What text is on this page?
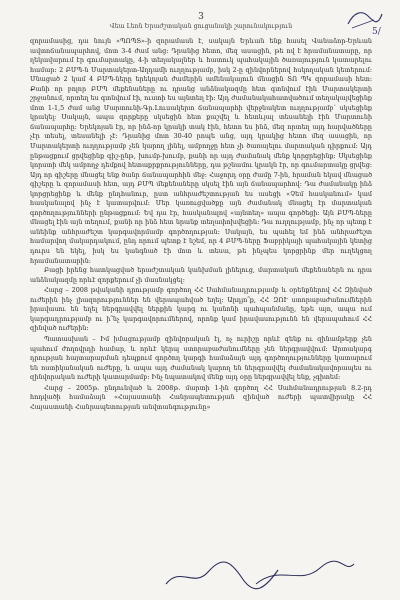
3
Վեա Լեռն Երաժշտական ցուցանակի շարունակություն
5/

զորամասից, դա նույն «ՊՈՊՏ»-ի զորամասն է, սակայն Երևան ենք հասել Վանաձոր-Երևան ավտոճանապարհով, մոտ 3-4 ժամ անց։ Դրանից հետո, մեզ ասացին, թե ով է հրամանատարը, որ ղեկավարում էր գումարտակը, 4-ի տեղակալներ և հատուկ պահակային ծառայություն կատարելու համար։ 2 ԲՄՊ-ն Մարտակերտ-Աղդամի ուղղությամբ, իսկ 2-ը զինվորներով հսկողական կետերում։ Մնացած 2 կամ 4 ԲՄՊ-ները երեկոյան ժամերին ամենակայուն մնացին ՏՈ ՊԿ զորամասի հետ։ Քանի որ բոլոր ԲՄՊ մեքենաները ու դրանց անձնակազմը հետ գտնվում էին Մարտակերտի շրջանում, որտեղ ես գտնվում էի, ուստի ես այնտեղ էի։ Այդ ժամանակահատվածում տեղակայվեցինք մոտ 1-1,5 ժամ անց Մարտունի-Գր.Լուսակերտ ճանապարհի վերջնակետ ուղղությամբ՝ սկսեցինք կրակել։ Սակայն, ապա զորքերը սկսեցին հետ քաշվել և հետևյալ տեսանելի էին Մարտունի ճանապարհը։ Երեկոյան էր, որ ինձ-որ կրակի տակ էին, հետո ես ինձ, մեզ որտեղ այդ հարվածները չէր տեսել, տեսանելի չէ։ Դրանից մոտ 30-40 րոպե անց, այդ կրակից հետո մեզ ասացին, որ Մարտակերտի ուղղությամբ չեն կարող լինել, ամբողջը հետ չի ծառայելու մարտական դիրքում։ Այդ ընթացքում ցրվեցինք գիշ-ընթ, խումբ-խումբ, քանի որ այդ ժամանակ մենք կորցրեցինք։ Սկսեցինք կորստի մեկ ամբողջ դեմքով հետաքրքրությունները, դա թշնամու կրակն էր, որ գումարտակը ցրվեց։ Այդ որ գիշերը մնացել ենք ծանր ճանապարհին մեջ։ Հաջորդ օրը ժամը 7-ին, հրաման եկավ մնացած գիշերը և զորամասի հետ, այդ ԲՄՊ մեքենաները սկսել էին այն ճանապարհով։ Դա ժամանակը ինձ կորցրեցինք և մենք ընդհանուր, ըստ անհրաժեշտության ես ասեցի «Չեմ հասկանում» կամ հասկանալով ինչ է կատարվում։ Մեր կառուցվածքը այն ժամանակ մնացել էր մարտական գործողությունների ընթացքում։ Եվ դա էր, հասկանալով «այնտեղ» ապա գործեցի։ Այն ԲՄՊ-ները մնացել էին այն տեղում, քանի որ ինձ հետ նրանք տեղափոխվեցին։ Դա ուղղությամբ, ինչ որ պետք է անեինք անհրաժեշտ կարգավորմամբ գործողության։ Սակայն, ես պահել եմ ինձ անհրաժեշտ համարվող մակարդակում, ընդ որում պետք է նշեմ, որ 4 ԲՄՊ-ները Ֆաբրիկայի պահակային կետից դուրս են եկել, իսկ ես կանգնած էի մոտ և տեսա, թե ինչպես կորցրինք մեր ուղեկցող հրամանատարին։

Բացի իրենց հատկացված երաժշտական կանխման լինելուց, մարտական մեքենաներն ու դրա անձնակազմը որևէ զորքերում չի մասնակցել։

Հարց – 2008 թվականի դրությամբ գործող ՀՀ Սահմանադրությամբ և օրենքներով ՀՀ Զինված ուժերին ինչ լիազորություններ են վերապահված եղել։ Արդյո՞ք, ՀՀ ԶՈՒ ստորաբաժանումներին իրավասու են եղել ներգրավվել ներքին կարգ ու կանոնի պահպանմանը, եթե այո, ապա ում կարգադրությամբ ու ի՞նչ կարգավորումներով, որոնք կամ իրավասությունն են վերապահում ՀՀ զինված ուժերին։

Պատասխան – Իմ իմացությամբ զինվորական էլ, ոչ ուրիշը որևէ զենք ու զինամթերք չեն պահում ժողովրդի համար, և որևէ կերպ ստորաբաժանումները չեն ներգրավվում։ Արտակարգ դրության հայտարարման դեպքում գործող կարգի համաձայն այդ գործողությունները կատարում են ոստիկանական ուժերը, և ապա այդ ժամանակ կարող են ներգրավվել ժամանակավորապես ու զինվորական ուժերի կատարմամբ։ Ինչ նպատակով մենք այդ օրը ներգրավվել ենք, չգիտեմ։

Հարց – 2005թ. ընդունված և 2008թ. մարտի 1-ին գործող ՀՀ Սահմանադրության 8.2-րդ հոդվածի համաձայն «Հայաստանի Հանրապետության զինված ուժերի պատվիրակը ՀՀ Հայաստանի Հանրապետության անվտանգությունը»
